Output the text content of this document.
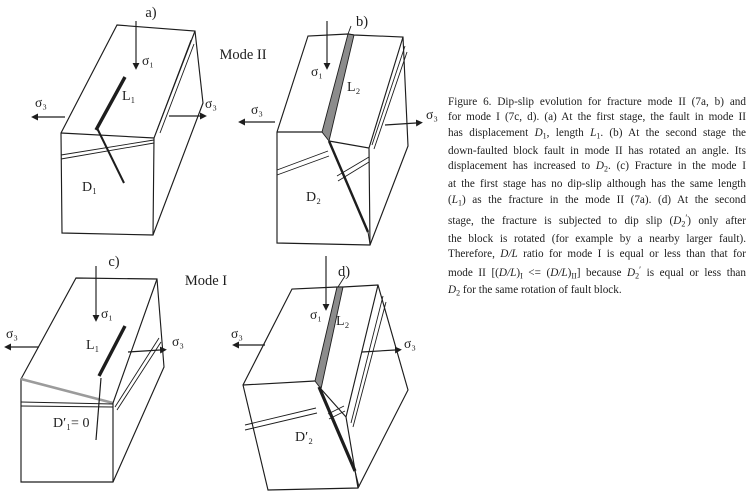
a)
Mode II
σ₁
σ₃	σ₃
L₁
D₁
b)
σ₁
σ₃	σ₃
L₂
D₂
c)
Mode I
σ₁
σ₃
σ₃
L₁
D′₁= 0
d)
σ₁
σ₃
σ₃
L₂
D′₂
Figure 6. Dip-slip evolution for fracture mode II (7a, b) and
for mode I (7c, d). (a) At the first stage, the fault in mode II
has displacement $D_1$, length $L_1$. (b) At the second stage the
down-faulted block fault in mode II has rotated an angle. Its
displacement has increased to $D_2$. (c) Fracture in the mode I
at the first stage has no dip-slip although has the same length
$(L_1)$ as the fracture in the mode II (7a). (d) At the second
stage, the fracture is subjected to dip slip $(D_2')$ only after
the block is rotated (for example by a nearby larger fault).
Therefore, D/L ratio for mode I is equal or less than that for
mode II $[(D/L)_I <= (D/L)_{II}]$ because $D_2'$ is equal or less than
$D_2$ for the same rotation of fault block.
